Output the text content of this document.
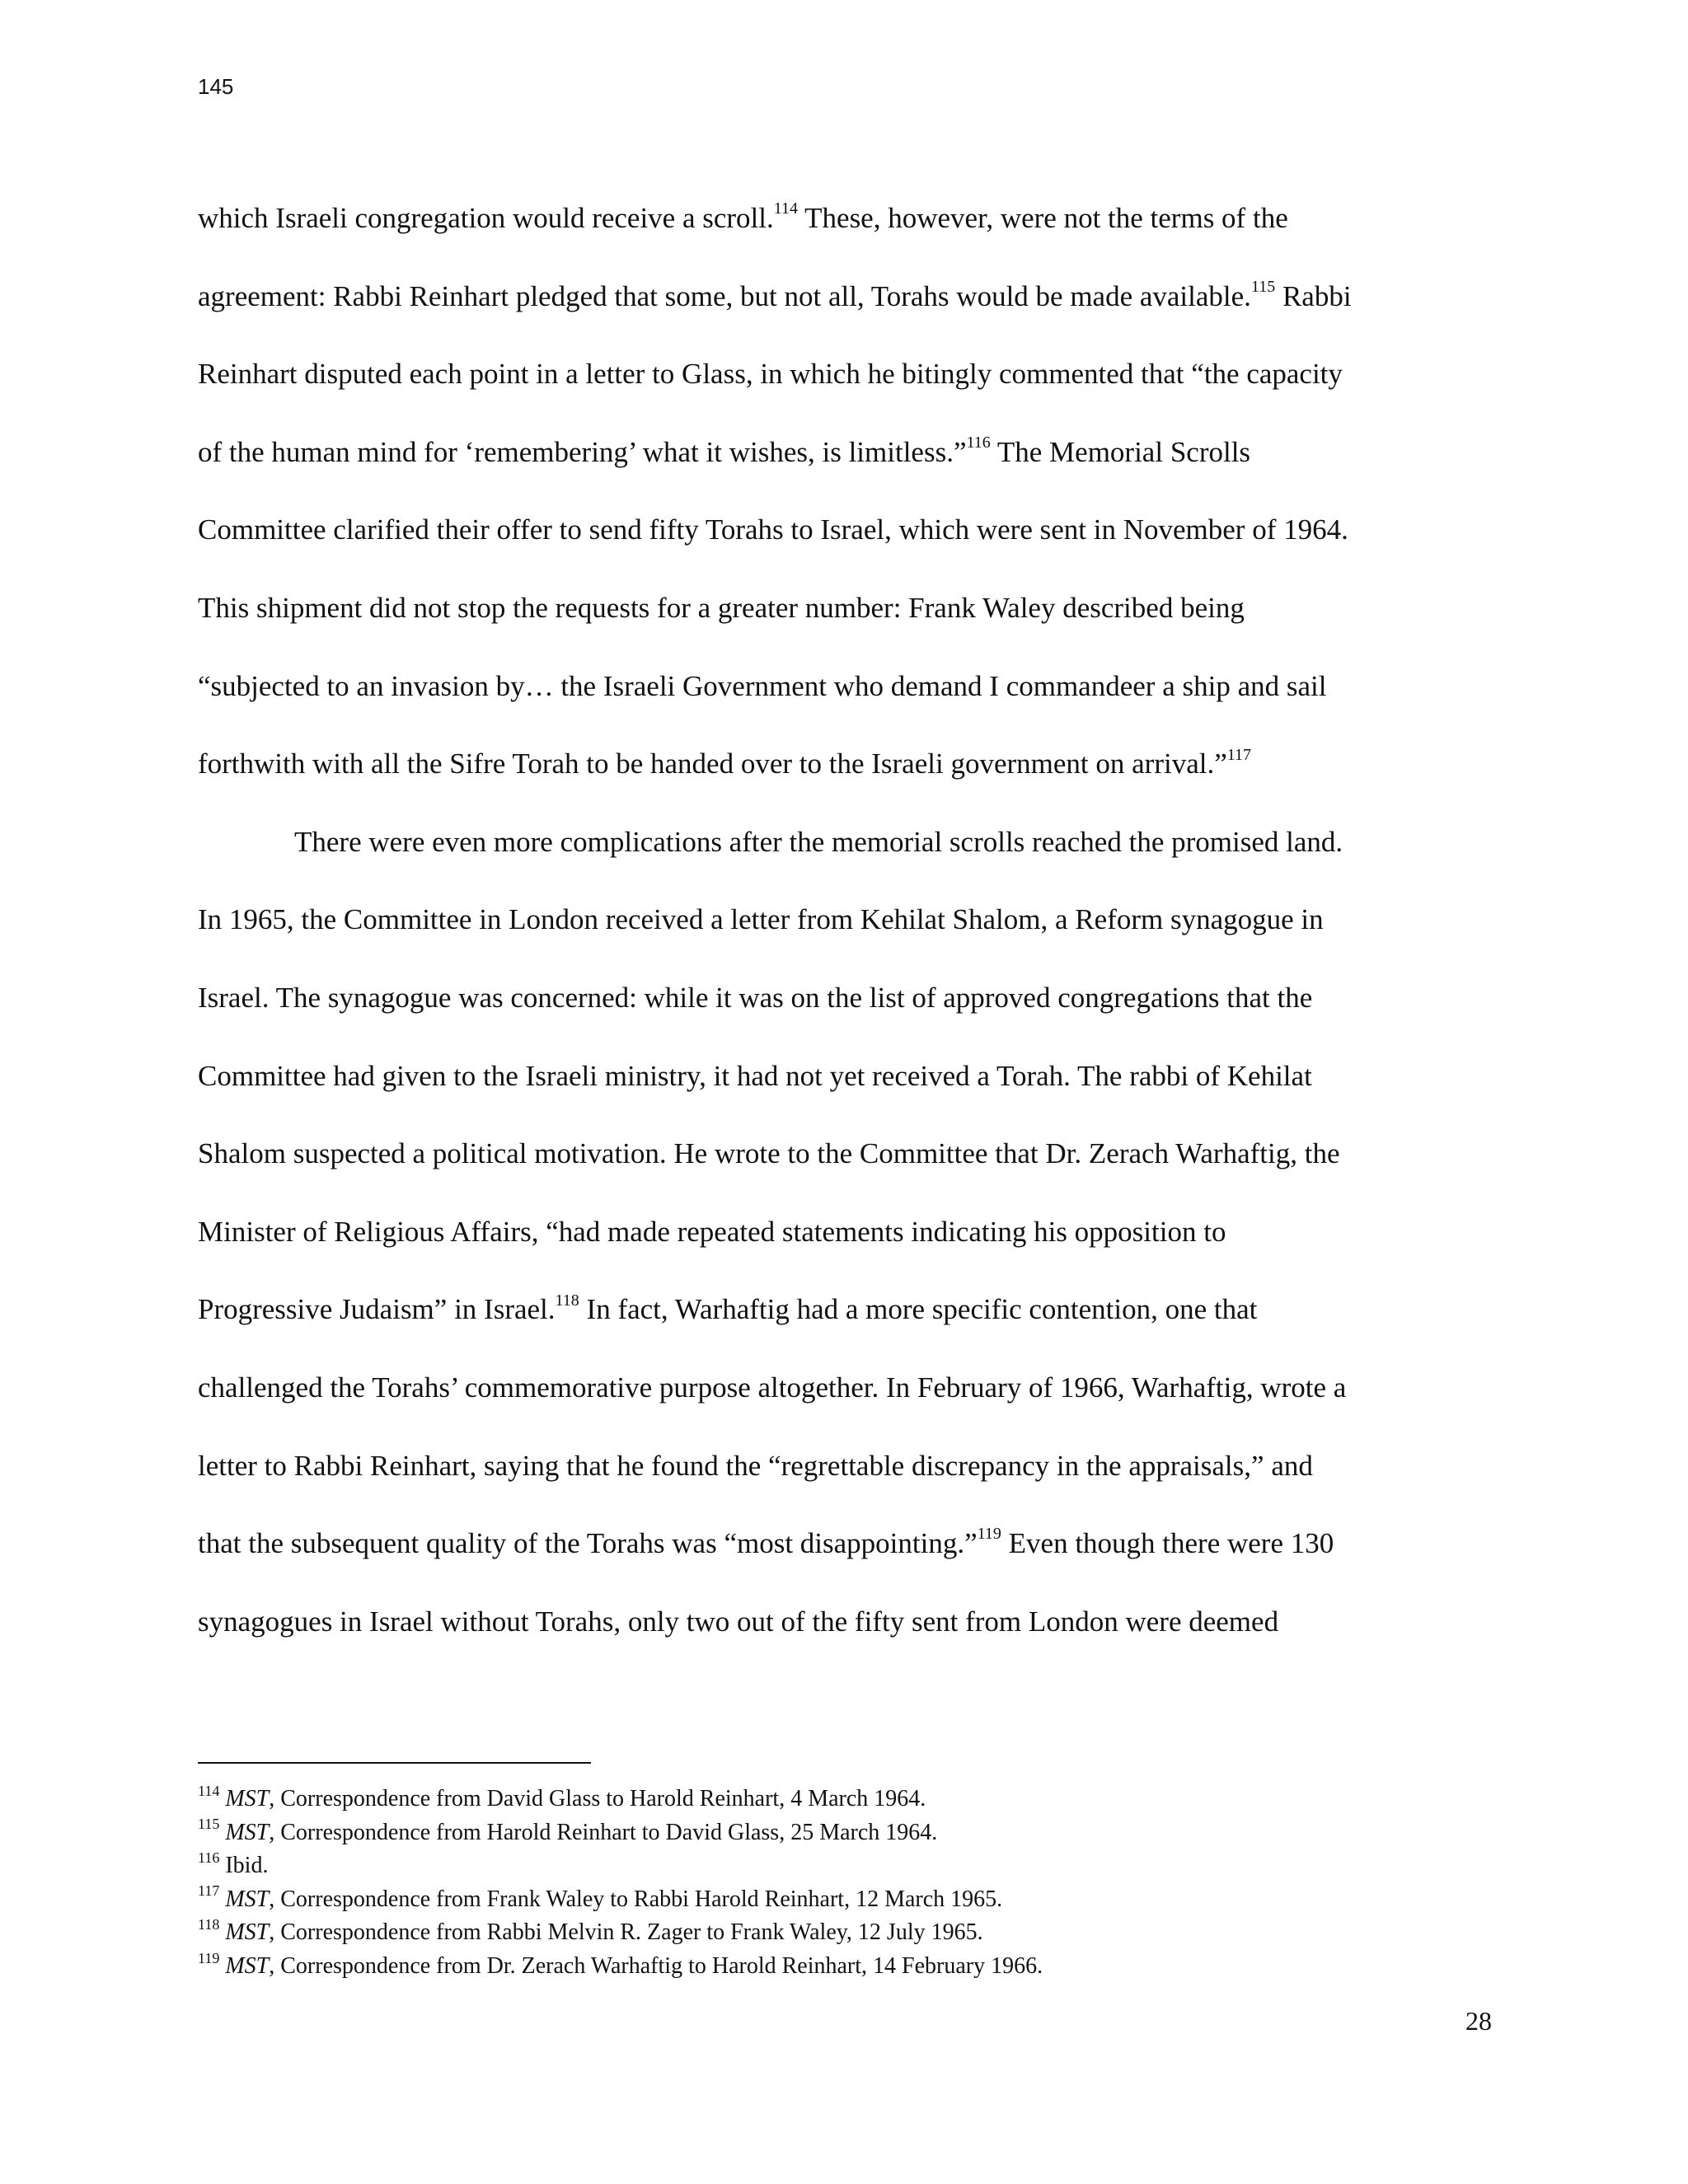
145
which Israeli congregation would receive a scroll.$^{114}$ These, however, were not the terms of the
agreement: Rabbi Reinhart pledged that some, but not all, Torahs would be made available.$^{115}$ Rabbi
Reinhart disputed each point in a letter to Glass, in which he bitingly commented that “the capacity
of the human mind for ‘remembering’ what it wishes, is limitless.”$^{116}$ The Memorial Scrolls
Committee clarified their offer to send fifty Torahs to Israel, which were sent in November of 1964.
This shipment did not stop the requests for a greater number: Frank Waley described being
“subjected to an invasion by… the Israeli Government who demand I commandeer a ship and sail
forthwith with all the Sifre Torah to be handed over to the Israeli government on arrival.”$^{117}$
There were even more complications after the memorial scrolls reached the promised land.
In 1965, the Committee in London received a letter from Kehilat Shalom, a Reform synagogue in
Israel. The synagogue was concerned: while it was on the list of approved congregations that the
Committee had given to the Israeli ministry, it had not yet received a Torah. The rabbi of Kehilat
Shalom suspected a political motivation. He wrote to the Committee that Dr. Zerach Warhaftig, the
Minister of Religious Affairs, “had made repeated statements indicating his opposition to
Progressive Judaism” in Israel.$^{118}$ In fact, Warhaftig had a more specific contention, one that
challenged the Torahs’ commemorative purpose altogether. In February of 1966, Warhaftig, wrote a
letter to Rabbi Reinhart, saying that he found the “regrettable discrepancy in the appraisals,” and
that the subsequent quality of the Torahs was “most disappointing.”$^{119}$ Even though there were 130
synagogues in Israel without Torahs, only two out of the fifty sent from London were deemed
$^{114}$ MST, Correspondence from David Glass to Harold Reinhart, 4 March 1964.
$^{115}$ MST, Correspondence from Harold Reinhart to David Glass, 25 March 1964.
$^{116}$ Ibid.
$^{117}$ MST, Correspondence from Frank Waley to Rabbi Harold Reinhart, 12 March 1965.
$^{118}$ MST, Correspondence from Rabbi Melvin R. Zager to Frank Waley, 12 July 1965.
$^{119}$ MST, Correspondence from Dr. Zerach Warhaftig to Harold Reinhart, 14 February 1966.
28
